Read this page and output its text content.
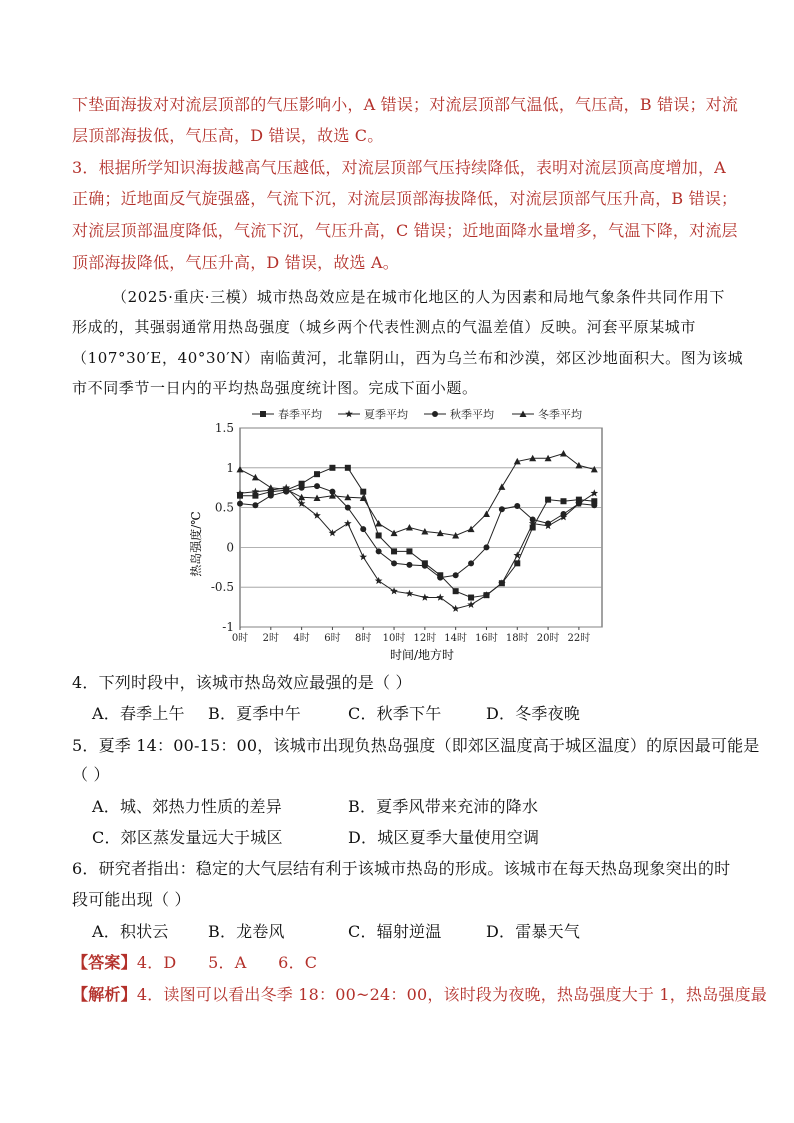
下垫面海拔对对流层顶部的气压影响小，A 错误；对流层顶部气温低，气压高，B 错误；对流
层顶部海拔低，气压高，D 错误，故选 C。
3．根据所学知识海拔越高气压越低，对流层顶部气压持续降低，表明对流层顶高度增加，A
正确；近地面反气旋强盛，气流下沉，对流层顶部海拔降低，对流层顶部气压升高，B 错误；
对流层顶部温度降低，气流下沉，气压升高，C 错误；近地面降水量增多，气温下降，对流层
顶部海拔降低，气压升高，D 错误，故选 A。
（2025·重庆·三模）城市热岛效应是在城市化地区的人为因素和局地气象条件共同作用下
形成的，其强弱通常用热岛强度（城乡两个代表性测点的气温差值）反映。河套平原某城市
（107°30′E，40°30′N）南临黄河，北靠阴山，西为乌兰布和沙漠，郊区沙地面积大。图为该城
市不同季节一日内的平均热岛强度统计图。完成下面小题。
春季平均	夏季平均	秋季平均	冬季平均
1.5
1
0.5
0
-0.5
-1
0时 2时 4时 6时 8时 10时 12时 14时 16时 18时 20时 22时
热岛强度/℃
时间/地方时
4．下列时段中，该城市热岛效应最强的是（ ）
A．春季上午	B．夏季中午	C．秋季下午	D．冬季夜晚
5．夏季 14：00-15：00，该城市出现负热岛强度（即郊区温度高于城区温度）的原因最可能是
（ ）
A．城、郊热力性质的差异	B．夏季风带来充沛的降水
C．郊区蒸发量远大于城区	D．城区夏季大量使用空调
6．研究者指出：稳定的大气层结有利于该城市热岛的形成。该城市在每天热岛现象突出的时
段可能出现（ ）
A．积状云	B．龙卷风	C．辐射逆温	D．雷暴天气
【答案】4．D      5．A      6．C
【解析】4．读图可以看出冬季 18：00~24：00，该时段为夜晚，热岛强度大于 1，热岛强度最
